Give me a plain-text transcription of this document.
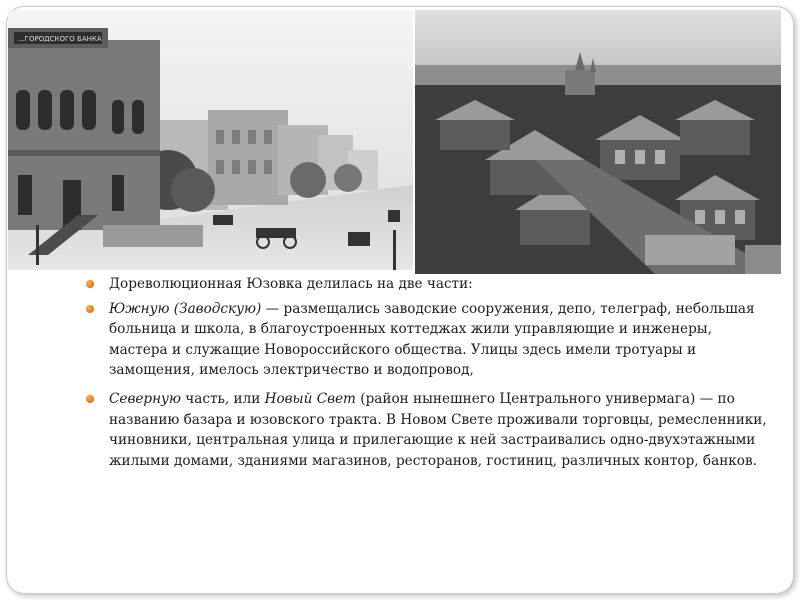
...ГОРОДСКОГО БАНКА
Дореволюционная Юзовка делилась на две части:
Южную (Заводскую) — размещались заводские сооружения, депо, телеграф, небольшая больница и школа, в благоустроенных коттеджах жили управляющие и инженеры, мастера и служащие Новороссийского общества. Улицы здесь имели тротуары и замощения, имелось электричество и водопровод,
Северную часть, или Новый Свет (район нынешнего Центрального универмага) — по названию базара и юзовского тракта. В Новом Свете проживали торговцы, ремесленники, чиновники, центральная улица и прилегающие к ней застраивались одно-двухэтажными жилыми домами, зданиями магазинов, ресторанов, гостиниц, различных контор, банков.
